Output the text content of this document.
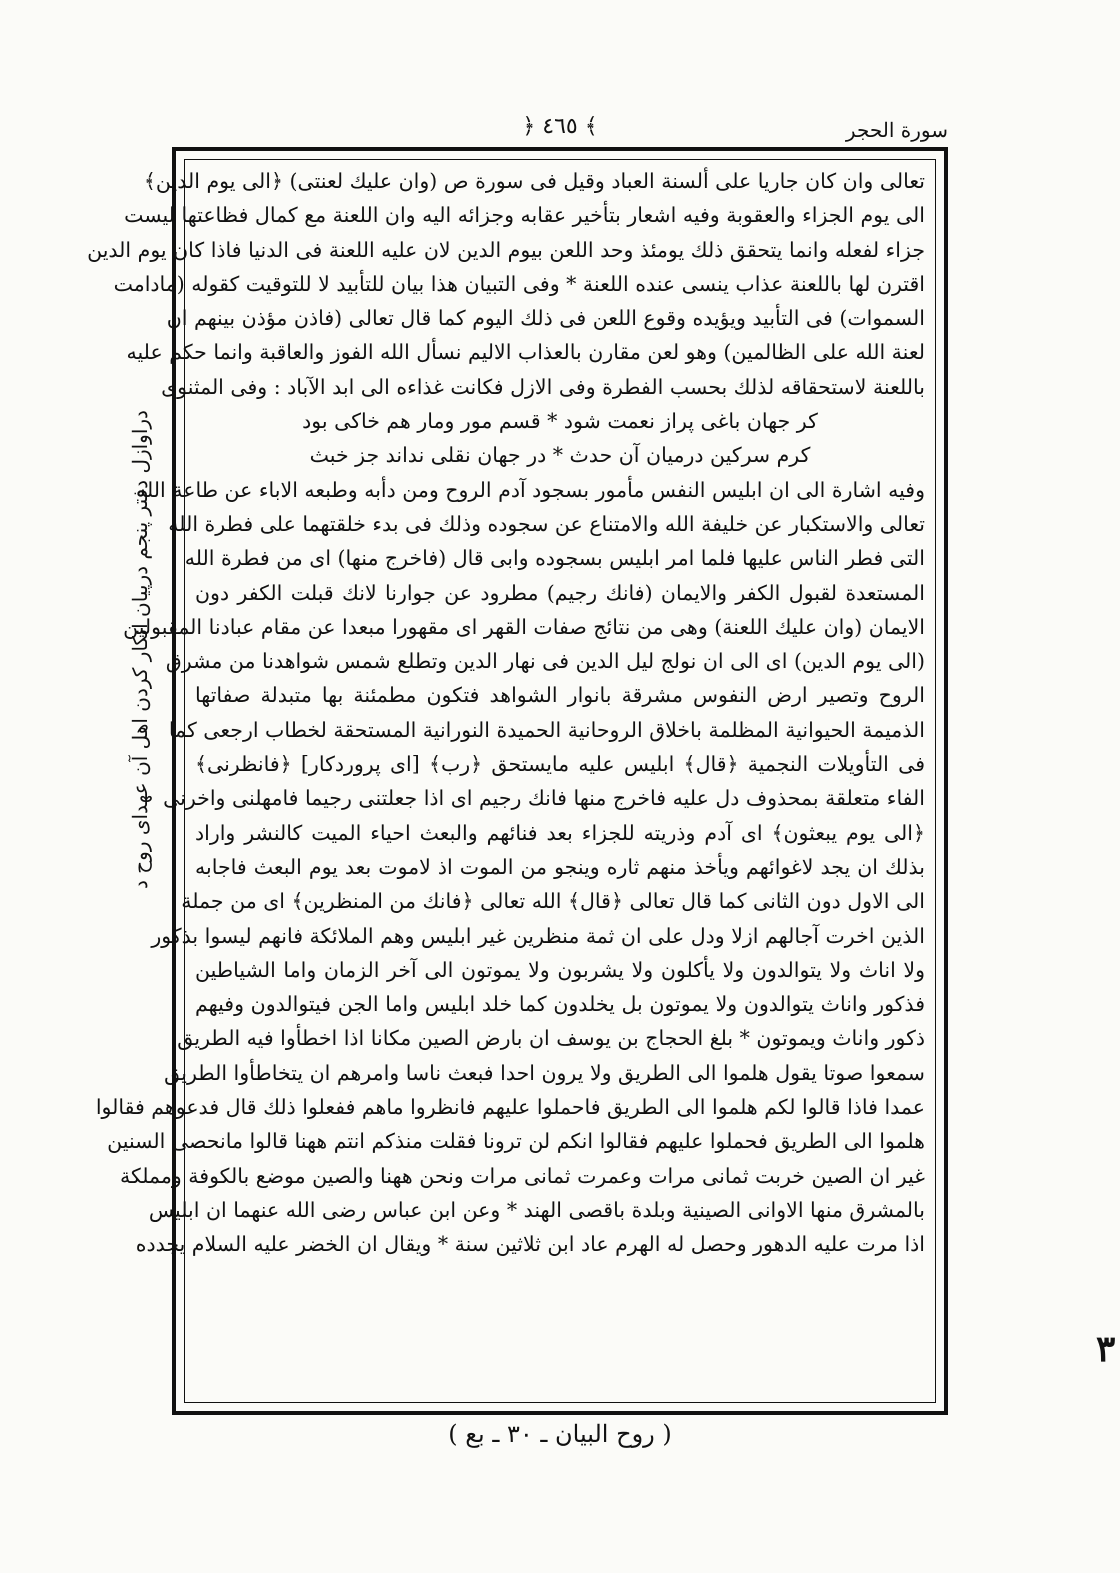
﴿ ٤٦٥ ﴾	سورة الحجر
دراوازل دفتر پنجم درپيان انكار كردن اهل آن عهداى روح د
تعالى وان كان جاريا على ألسنة العباد وقيل فى سورة ص (وان عليك لعنتى) ﴿الى يوم الدين﴾
الى يوم الجزاء والعقوبة وفيه اشعار بتأخير عقابه وجزائه اليه وان اللعنة مع كمال فظاعتها ليست
جزاء لفعله وانما يتحقق ذلك يومئذ وحد اللعن بيوم الدين لان عليه اللعنة فى الدنيا فاذا كان يوم الدين
اقترن لها باللعنة عذاب ينسى عنده اللعنة * وفى التبيان هذا بيان للتأبيد لا للتوقيت كقوله (مادامت
السموات) فى التأبيد ويؤيده وقوع اللعن فى ذلك اليوم كما قال تعالى (فاذن مؤذن بينهم ان
لعنة الله على الظالمين) وهو لعن مقارن بالعذاب الاليم نسأل الله الفوز والعاقبة وانما حكم عليه
باللعنة لاستحقاقه لذلك بحسب الفطرة وفى الازل فكانت غذاءه الى ابد الآباد : وفى المثنوى
كر جهان باغى پراز نعمت شود * قسم مور ومار هم خاكى بود
كرم سركين درميان آن حدث * در جهان نقلى نداند جز خبث
وفيه اشارة الى ان ابليس النفس مأمور بسجود آدم الروح ومن دأبه وطبعه الاباء عن طاعة الله
تعالى والاستكبار عن خليفة الله والامتناع عن سجوده وذلك فى بدء خلقتهما على فطرة الله
التى فطر الناس عليها فلما امر ابليس بسجوده وابى قال (فاخرج منها) اى من فطرة الله
المستعدة لقبول الكفر والايمان (فانك رجيم) مطرود عن جوارنا لانك قبلت الكفر دون
الايمان (وان عليك اللعنة) وهى من نتائج صفات القهر اى مقهورا مبعدا عن مقام عبادنا المقبولين
(الى يوم الدين) اى الى ان نولج ليل الدين فى نهار الدين وتطلع شمس شواهدنا من مشرق
الروح وتصير ارض النفوس مشرقة بانوار الشواهد فتكون مطمئنة بها متبدلة صفاتها
الذميمة الحيوانية المظلمة باخلاق الروحانية الحميدة النورانية المستحقة لخطاب ارجعى كما
فى التأويلات النجمية ﴿قال﴾ ابليس عليه مايستحق ﴿رب﴾ [اى پروردكار] ﴿فانظرنى﴾
الفاء متعلقة بمحذوف دل عليه فاخرج منها فانك رجيم اى اذا جعلتنى رجيما فامهلنى واخرنى
﴿الى يوم يبعثون﴾ اى آدم وذريته للجزاء بعد فنائهم والبعث احياء الميت كالنشر واراد
بذلك ان يجد لاغوائهم ويأخذ منهم ثاره وينجو من الموت اذ لاموت بعد يوم البعث فاجابه
الى الاول دون الثانى كما قال تعالى ﴿قال﴾ الله تعالى ﴿فانك من المنظرين﴾ اى من جملة
الذين اخرت آجالهم ازلا ودل على ان ثمة منظرين غير ابليس وهم الملائكة فانهم ليسوا بذكور
ولا اناث ولا يتوالدون ولا يأكلون ولا يشربون ولا يموتون الى آخر الزمان واما الشياطين
فذكور واناث يتوالدون ولا يموتون بل يخلدون كما خلد ابليس واما الجن فيتوالدون وفيهم
ذكور واناث ويموتون * بلغ الحجاج بن يوسف ان بارض الصين مكانا اذا اخطأوا فيه الطريق
سمعوا صوتا يقول هلموا الى الطريق ولا يرون احدا فبعث ناسا وامرهم ان يتخاطأوا الطريق
عمدا فاذا قالوا لكم هلموا الى الطريق فاحملوا عليهم فانظروا ماهم ففعلوا ذلك قال فدعوهم فقالوا
هلموا الى الطريق فحملوا عليهم فقالوا انكم لن ترونا فقلت منذكم انتم ههنا قالوا مانحصى السنين
غير ان الصين خربت ثمانى مرات وعمرت ثمانى مرات ونحن ههنا والصين موضع بالكوفة ومملكة
بالمشرق منها الاوانى الصينية وبلدة باقصى الهند * وعن ابن عباس رضى الله عنهما ان ابليس
اذا مرت عليه الدهور وحصل له الهرم عاد ابن ثلاثين سنة * ويقال ان الخضر عليه السلام يجدده
٣
( روح البيان ـ ٣٠ ـ بع )
